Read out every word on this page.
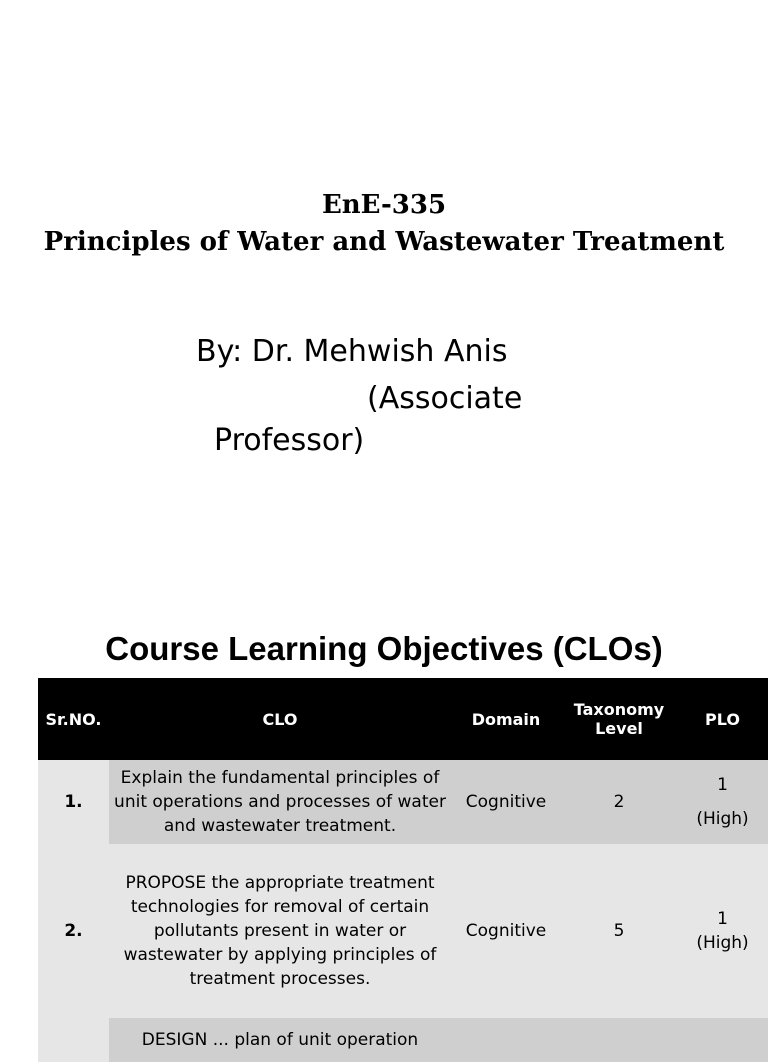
EnE-335
Principles of Water and Wastewater Treatment
By: Dr. Mehwish Anis
(Associate
Professor)
Course Learning Objectives (CLOs)
Sr.NO.	CLO	Domain	Taxonomy Level	PLO
1.	Explain the fundamental principles of unit operations and processes of water and wastewater treatment.	Cognitive	2	1
(High)

2.	PROPOSE the appropriate treatment technologies for removal of certain pollutants present in water or wastewater by applying principles of treatment processes.	Cognitive	5	1
(High)

	DESIGN ... plan of unit operation			
